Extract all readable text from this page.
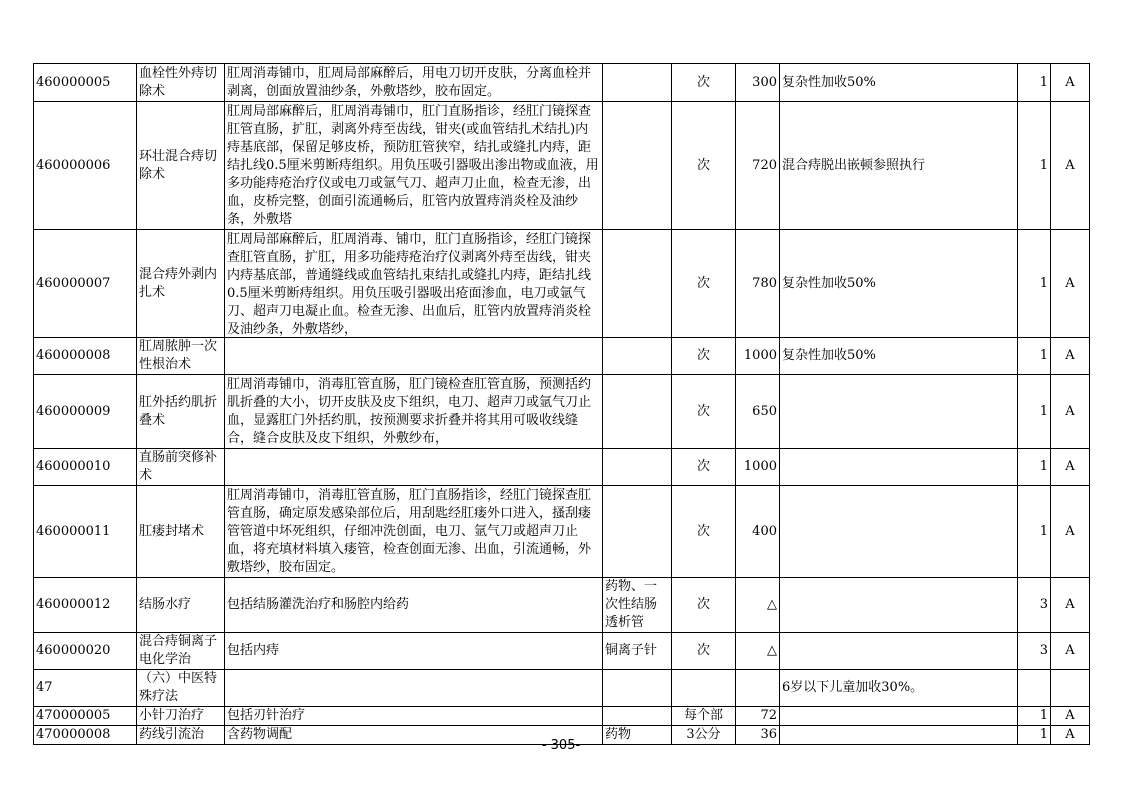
460000005	血栓性外痔切除术	肛周消毒铺巾，肛周局部麻醉后，用电刀切开皮肤，分离血栓并剥离，创面放置油纱条，外敷塔纱，胶布固定。		次	300	复杂性加收50%	1	A

460000006	环壮混合痔切除术	肛周局部麻醉后，肛周消毒铺巾，肛门直肠指诊，经肛门镜探查肛管直肠，扩肛，剥离外痔至齿线，钳夹(或血管结扎术结扎)内痔基底部，保留足够皮桥，预防肛管狭窄，结扎或缝扎内痔，距结扎线0.5厘米剪断痔组织。用负压吸引器吸出渗出物或血液，用多功能痔疮治疗仪或电刀或氩气刀、超声刀止血，检查无渗，出血，皮桥完整，创面引流通畅后，肛管内放置痔消炎栓及油纱条，外敷塔		次	720	混合痔脱出嵌顿参照执行	1	A

460000007	混合痔外剥内扎术	肛周局部麻醉后，肛周消毒、铺巾，肛门直肠指诊，经肛门镜探查肛管直肠，扩肛，用多功能痔疮治疗仪剥离外痔至齿线，钳夹内痔基底部，普通缝线或血管结扎束结扎或缝扎内痔，距结扎线0.5厘米剪断痔组织。用负压吸引器吸出疮面渗血，电刀或氩气刀、超声刀电凝止血。检查无渗、出血后，肛管内放置痔消炎栓及油纱条，外敷塔纱，		次	780	复杂性加收50%	1	A

460000008	肛周脓肿一次性根治术			次	1000	复杂性加收50%	1	A

460000009	肛外括约肌折叠术	肛周消毒铺巾，消毒肛管直肠，肛门镜检查肛管直肠，预测括约肌折叠的大小，切开皮肤及皮下组织，电刀、超声刀或氩气刀止血，显露肛门外括约肌，按预测要求折叠并将其用可吸收线缝合，缝合皮肤及皮下组织，外敷纱布，		次	650		1	A

460000010	直肠前突修补术			次	1000		1	A

460000011	肛瘘封堵术	肛周消毒铺巾，消毒肛管直肠，肛门直肠指诊，经肛门镜探查肛管直肠，确定原发感染部位后，用刮匙经肛瘘外口进入，搔刮瘘管管道中坏死组织，仔细冲洗创面，电刀、氩气刀或超声刀止血，将充填材料填入瘘管，检查创面无渗、出血，引流通畅，外敷塔纱，胶布固定。		次	400		1	A

460000012	结肠水疗	包括结肠灌洗治疗和肠腔内给药	药物、一次性结肠透析管	次	△		3	A

460000020	混合痔铜离子电化学治	包括内痔	铜离子针	次	△		3	A

47	（六）中医特殊疗法					6岁以下儿童加收30%。		

470000005	小针刀治疗	包括刃针治疗		每个部	72		1	A

470000008	药线引流治	含药物调配	药物	3公分	36		1	A
- 305-
